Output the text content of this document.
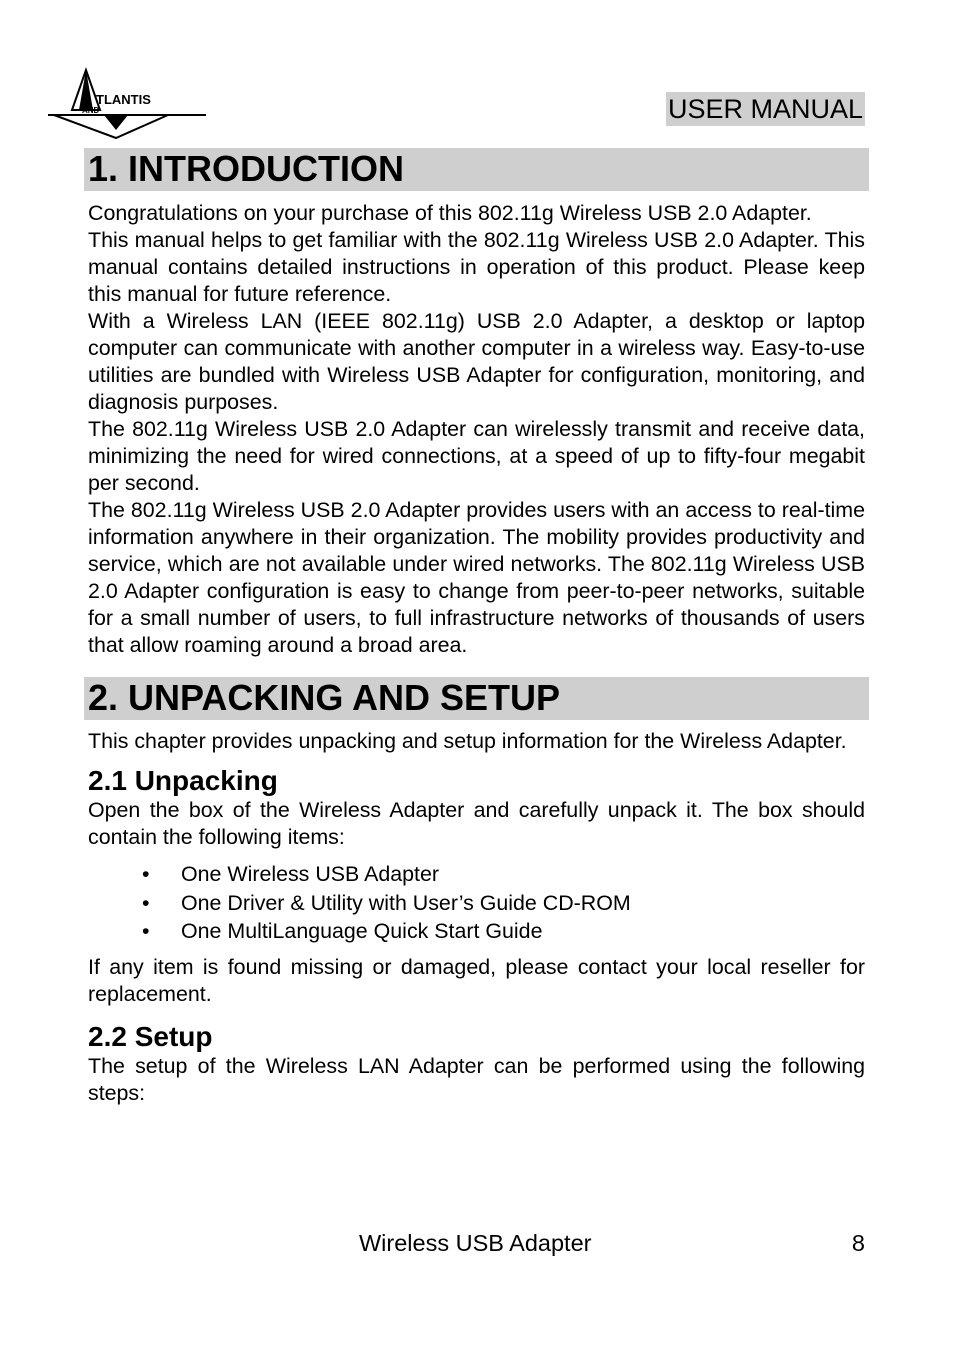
TLANTIS
AND	USER MANUAL
1. INTRODUCTION

Congratulations on your purchase of this 802.11g Wireless USB 2.0 Adapter.

This manual helps to get familiar with the 802.11g Wireless USB 2.0 Adapter. This manual contains detailed instructions in operation of this product. Please keep this manual for future reference.

With a Wireless LAN (IEEE 802.11g) USB 2.0 Adapter, a desktop or laptop computer can communicate with another computer in a wireless way. Easy-to-use utilities are bundled with Wireless USB Adapter for configuration, monitoring, and diagnosis purposes.

The 802.11g Wireless USB 2.0 Adapter can wirelessly transmit and receive data, minimizing the need for wired connections, at a speed of up to fifty-four megabit per second.

The 802.11g Wireless USB 2.0 Adapter provides users with an access to real-time information anywhere in their organization. The mobility provides productivity and service, which are not available under wired networks. The 802.11g Wireless USB 2.0 Adapter configuration is easy to change from peer-to-peer networks, suitable for a small number of users, to full infrastructure networks of thousands of users that allow roaming around a broad area.

2. UNPACKING AND SETUP

This chapter provides unpacking and setup information for the Wireless Adapter.

2.1 Unpacking

Open the box of the Wireless Adapter and carefully unpack it. The box should contain the following items:

• One Wireless USB Adapter
• One Driver & Utility with User’s Guide CD-ROM
• One MultiLanguage Quick Start Guide

If any item is found missing or damaged, please contact your local reseller for replacement.

2.2 Setup

The setup of the Wireless LAN Adapter can be performed using the following steps:

Wireless USB Adapter	8
